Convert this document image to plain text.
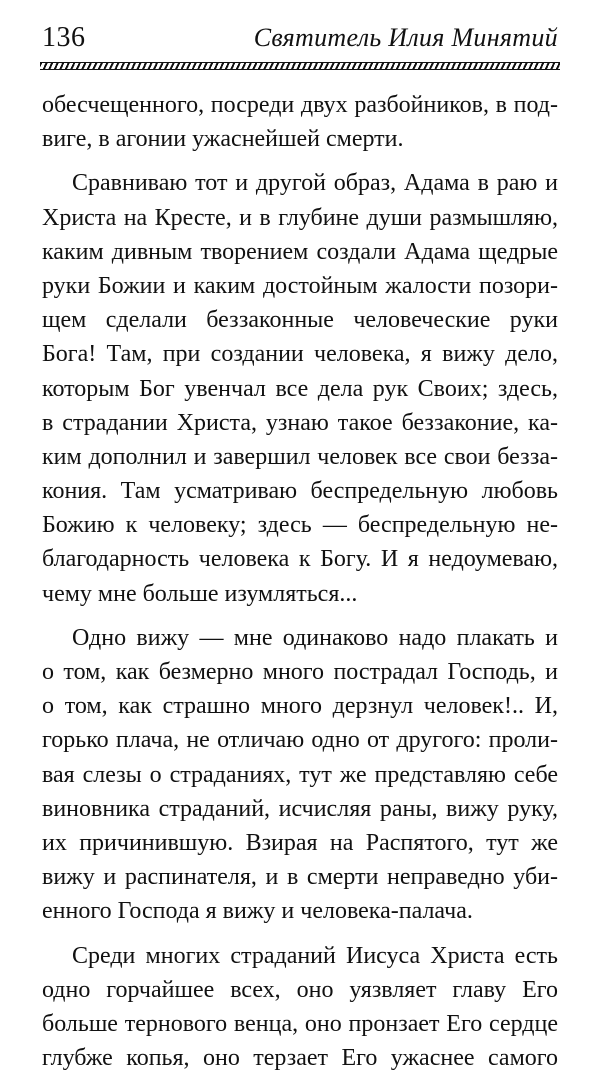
136	Святитель Илия Минятий
обесчещенного, посреди двух разбойников, в под-
виге, в агонии ужаснейшей смерти.
Сравниваю тот и другой образ, Адама в раю и
Христа на Кресте, и в глубине души размышляю,
каким дивным творением создали Адама щедрые
руки Божии и каким достойным жалости позори-
щем сделали беззаконные человеческие руки
Бога! Там, при создании человека, я вижу дело,
которым Бог увенчал все дела рук Своих; здесь,
в страдании Христа, узнаю такое беззаконие, ка-
ким дополнил и завершил человек все свои безза-
кония. Там усматриваю беспредельную любовь
Божию к человеку; здесь — беспредельную не-
благодарность человека к Богу. И я недоумеваю,
чему мне больше изумляться...
Одно вижу — мне одинаково надо плакать и
о том, как безмерно много пострадал Господь, и
о том, как страшно много дерзнул человек!.. И,
горько плача, не отличаю одно от другого: проли-
вая слезы о страданиях, тут же представляю себе
виновника страданий, исчисляя раны, вижу руку,
их причинившую. Взирая на Распятого, тут же
вижу и распинателя, и в смерти неправедно уби-
енного Господа я вижу и человека-палача.
Среди многих страданий Иисуса Христа есть
одно горчайшее всех, оно уязвляет главу Его
больше тернового венца, оно пронзает Его сердце
глубже копья, оно терзает Его ужаснее самого
